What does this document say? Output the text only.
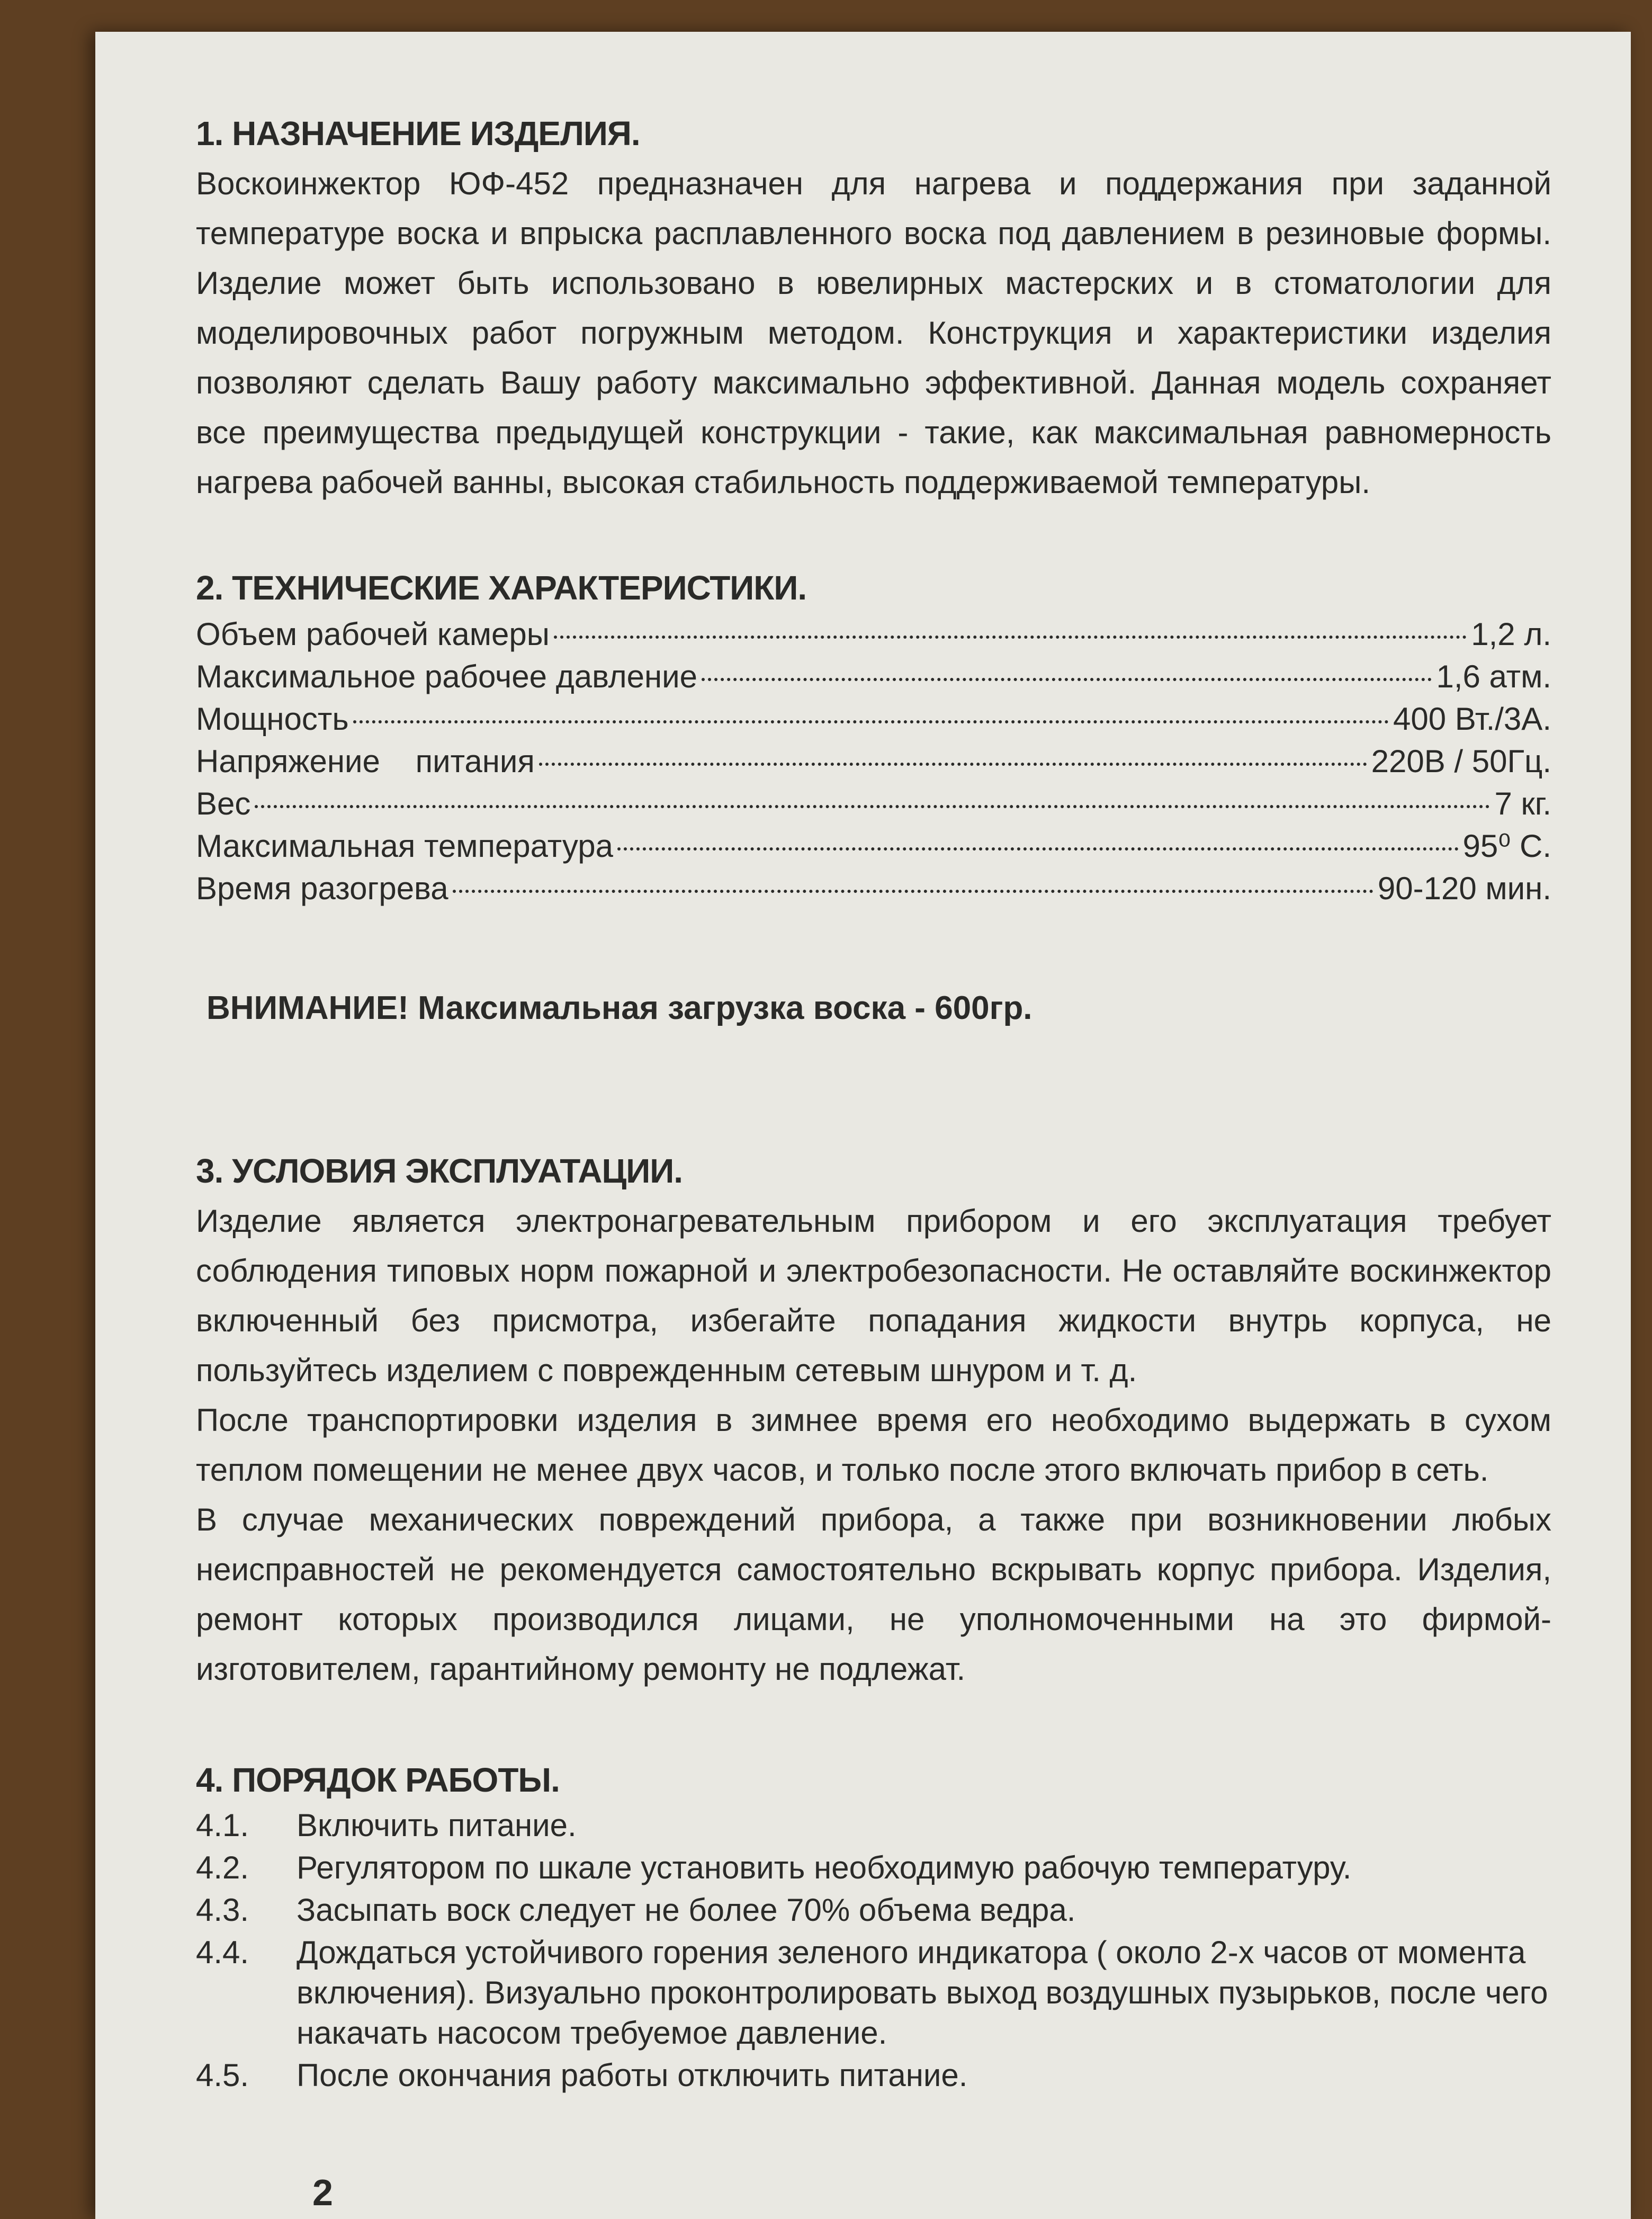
1. НАЗНАЧЕНИЕ ИЗДЕЛИЯ.

Воскоинжектор ЮФ-452 предназначен для нагрева и поддержания при заданной температуре воска и впрыска расплавленного воска под давлением в резиновые формы. Изделие может быть использовано в ювелирных мастерских и в стоматологии для моделировочных работ погружным методом. Конструкция и характеристики изделия позволяют сделать Вашу работу максимально эффективной. Данная модель сохраняет все преимущества предыдущей конструкции - такие, как максимальная равномерность нагрева рабочей ванны, высокая стабильность поддерживаемой температуры.

2. ТЕХНИЧЕСКИЕ ХАРАКТЕРИСТИКИ.
Объем рабочей камеры	1,2 л.
Максимальное рабочее давление	1,6 атм.
Мощность	400 Вт./3А.
Напряжение    питания	220В / 50Гц.
Вес	7 кг.
Максимальная температура	95⁰ С.
Время разогрева	90-120 мин.
ВНИМАНИЕ! Максимальная загрузка воска - 600гр.
3. УСЛОВИЯ ЭКСПЛУАТАЦИИ.

Изделие является электронагревательным прибором и его эксплуатация требует соблюдения типовых норм пожарной и электробезопасности. Не оставляйте воскинжектор включенный без присмотра, избегайте попадания жидкости внутрь корпуса, не пользуйтесь изделием с поврежденным сетевым шнуром и т. д.

После транспортировки изделия в зимнее время его необходимо выдержать в сухом теплом помещении не менее двух часов, и только после этого включать прибор в сеть.

В случае механических повреждений прибора, а также при возникновении любых неисправностей не рекомендуется самостоятельно вскрывать корпус прибора. Изделия, ремонт которых производился лицами, не уполномоченными на это фирмой-изготовителем, гарантийному ремонту не подлежат.

4. ПОРЯДОК РАБОТЫ.
4.1.	Включить питание.
4.2.	Регулятором по шкале установить необходимую рабочую температуру.
4.3.	Засыпать воск следует не более 70% объема ведра.
4.4.	Дождаться устойчивого горения зеленого индикатора ( около 2-х часов от момента включения). Визуально проконтролировать выход воздушных пузырьков, после чего накачать насосом требуемое давление.
4.5.	После окончания работы отключить питание.
2
